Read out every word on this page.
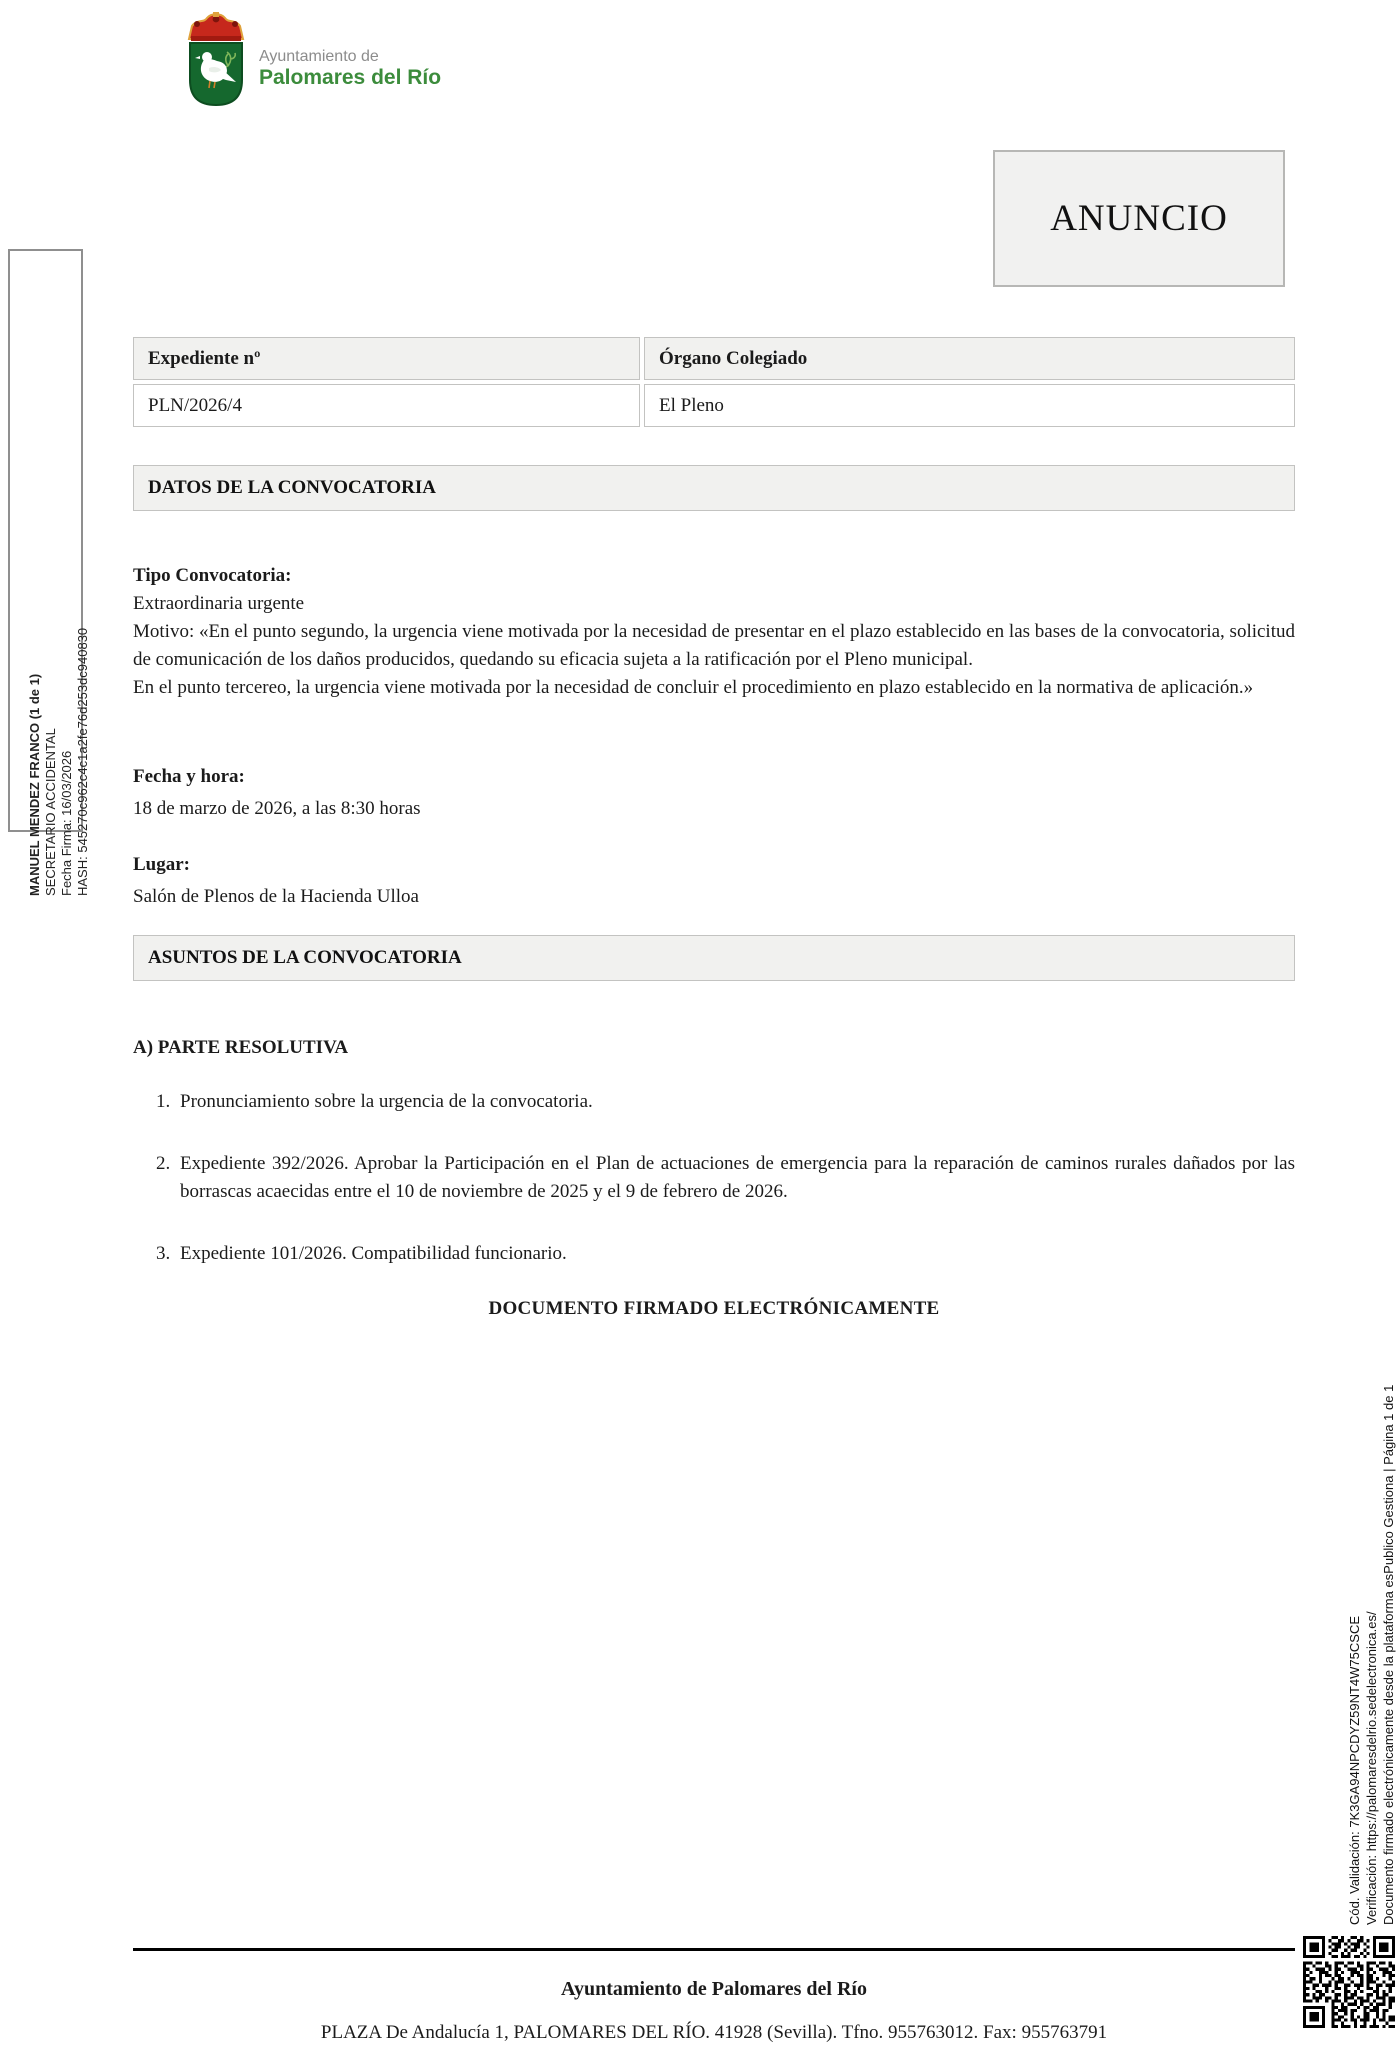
Ayuntamiento de
Palomares del Río
MANUEL MENDEZ FRANCO (1 de 1) SECRETARIO ACCIDENTAL Fecha Firma: 16/03/2026 HASH: 545270c962c4c1a2fe76d253dc940830
ANUNCIO
Expediente nº	Órgano Colegiado
PLN/2026/4	El Pleno
DATOS DE LA CONVOCATORIA
Tipo Convocatoria:
Extraordinaria urgente

Motivo: «En el punto segundo, la urgencia viene motivada por la necesidad de presentar en el plazo establecido en las bases de la convocatoria, solicitud de comunicación de los daños producidos, quedando su eficacia sujeta a la ratificación por el Pleno municipal.

En el punto tercereo, la urgencia viene motivada por la necesidad de concluir el procedimiento en plazo establecido en la normativa de aplicación.»

Fecha y hora:
18 de marzo de 2026, a las 8:30 horas
Lugar:
Salón de Plenos de la Hacienda Ulloa
ASUNTOS DE LA CONVOCATORIA
A) PARTE RESOLUTIVA
1. Pronunciamiento sobre la urgencia de la convocatoria.
2. Expediente 392/2026. Aprobar la Participación en el Plan de actuaciones de emergencia para la reparación de caminos rurales dañados por las borrascas acaecidas entre el 10 de noviembre de 2025 y el 9 de febrero de 2026.
3. Expediente 101/2026. Compatibilidad funcionario.
DOCUMENTO FIRMADO ELECTRÓNICAMENTE
Cód. Validación: 7K3GA94NPCDYZ59NT4W75CSCE Verificación: https://palomaresdelrio.sedelectronica.es/ Documento firmado electrónicamente desde la plataforma esPublico Gestiona | Página 1 de 1
Ayuntamiento de Palomares del Río
PLAZA De Andalucía 1, PALOMARES DEL RÍO. 41928 (Sevilla). Tfno. 955763012. Fax: 955763791
